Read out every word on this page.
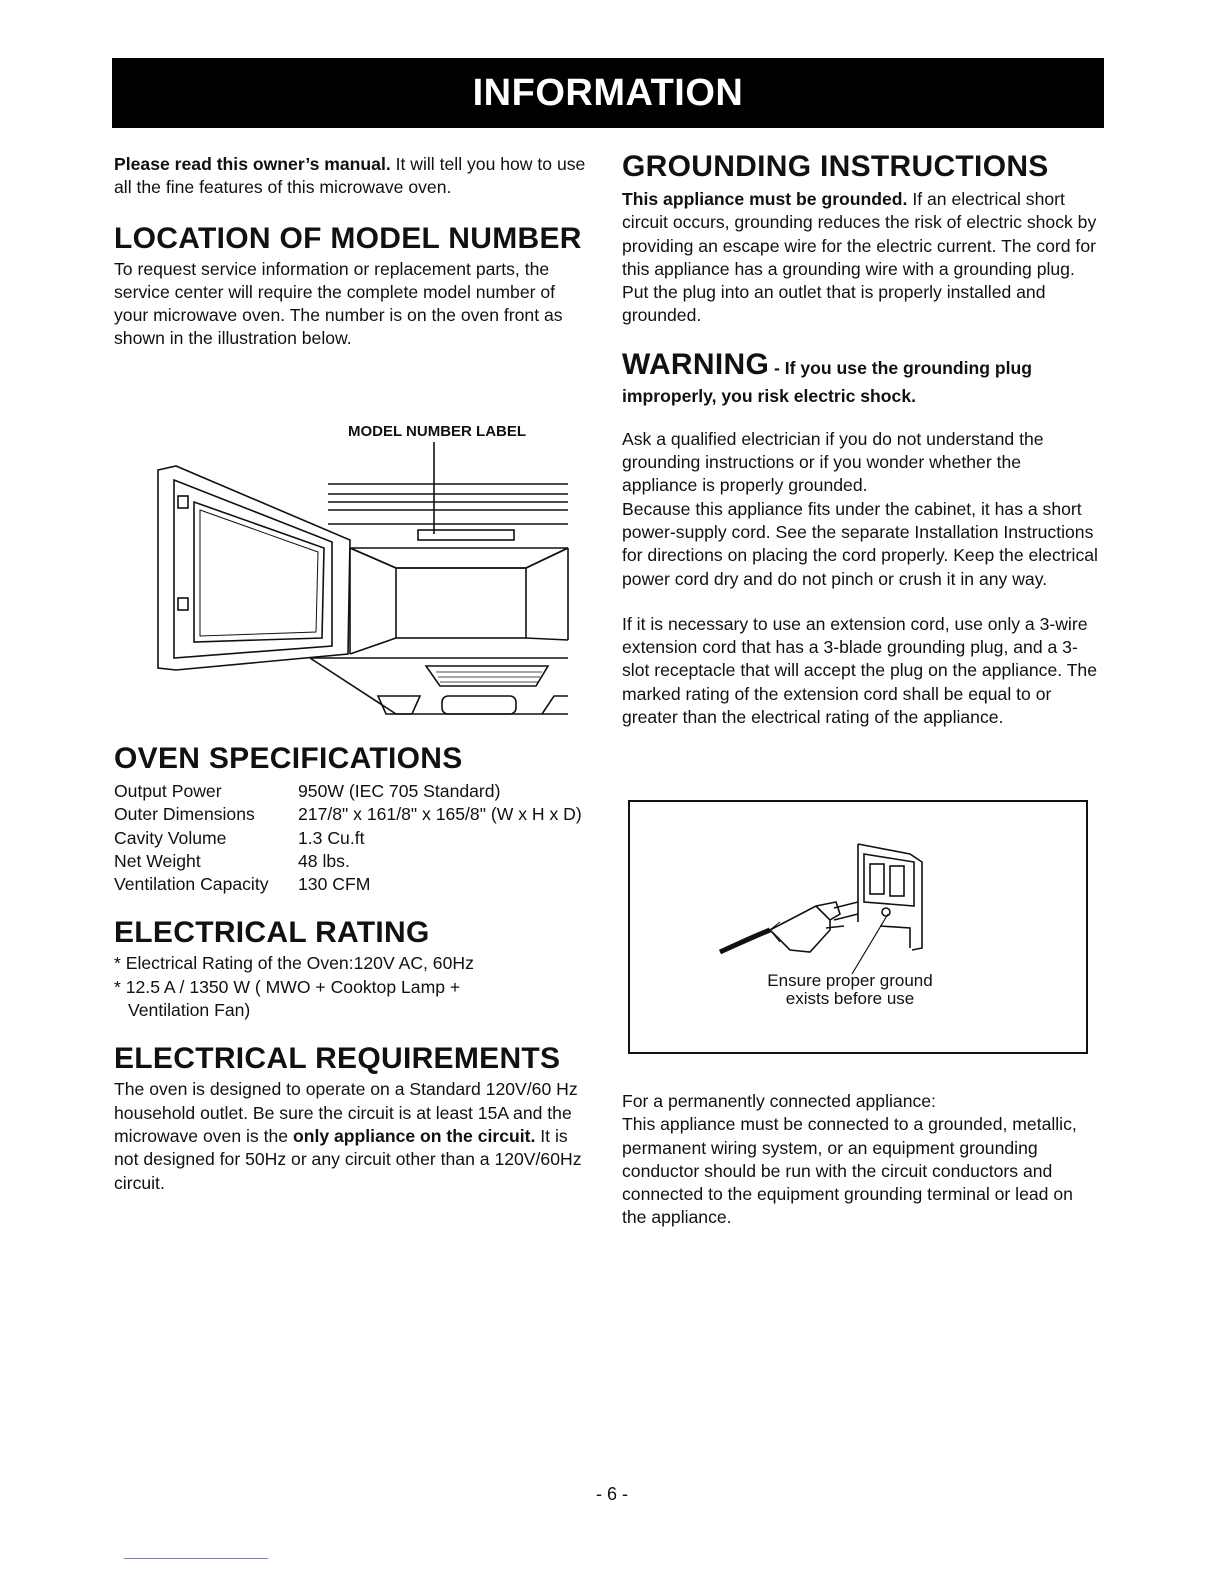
INFORMATION

Please read this owner’s manual. It will tell you how to use all the fine features of this microwave oven.

LOCATION OF MODEL NUMBER

To request service information or replacement parts, the service center will require the complete model number of your microwave oven. The number is on the oven front as shown in the illustration below.

MODEL NUMBER LABEL
OVEN SPECIFICATIONS
Output Power	950W (IEC 705 Standard)
Outer Dimensions	217/8" x 161/8" x 165/8" (W x H x D)
Cavity Volume	1.3 Cu.ft
Net Weight	48 lbs.
Ventilation Capacity	130 CFM
ELECTRICAL RATING

* Electrical Rating of the Oven:120V AC, 60Hz

* 12.5 A / 1350 W ( MWO + Cooktop Lamp +

Ventilation Fan)

ELECTRICAL REQUIREMENTS

The oven is designed to operate on a Standard 120V/60 Hz household outlet. Be sure the circuit is at least 15A and the microwave oven is the only appliance on the circuit. It is not designed for 50Hz or any circuit other than a 120V/60Hz circuit.

GROUNDING INSTRUCTIONS

This appliance must be grounded. If an electrical short circuit occurs, grounding reduces the risk of electric shock by providing an escape wire for the electric current. The cord for this appliance has a grounding wire with a grounding plug. Put the plug into an outlet that is properly installed and grounded.

WARNING - If you use the grounding plug
improperly, you risk electric shock.

Ask a qualified electrician if you do not understand the grounding instructions or if you wonder whether the appliance is properly grounded.

Because this appliance fits under the cabinet, it has a short power-supply cord. See the separate Installation Instructions for directions on placing the cord properly. Keep the electrical power cord dry and do not pinch or crush it in any way.

If it is necessary to use an extension cord, use only a 3-wire extension cord that has a 3-blade grounding plug, and a 3-slot receptacle that will accept the plug on the appliance. The marked rating of the extension cord shall be equal to or greater than the electrical rating of the appliance.

Ensure proper ground
exists before use

For a permanently connected appliance:

This appliance must be connected to a grounded, metallic, permanent wiring system, or an equipment grounding conductor should be run with the circuit conductors and connected to the equipment grounding terminal or lead on the appliance.

- 6 -
